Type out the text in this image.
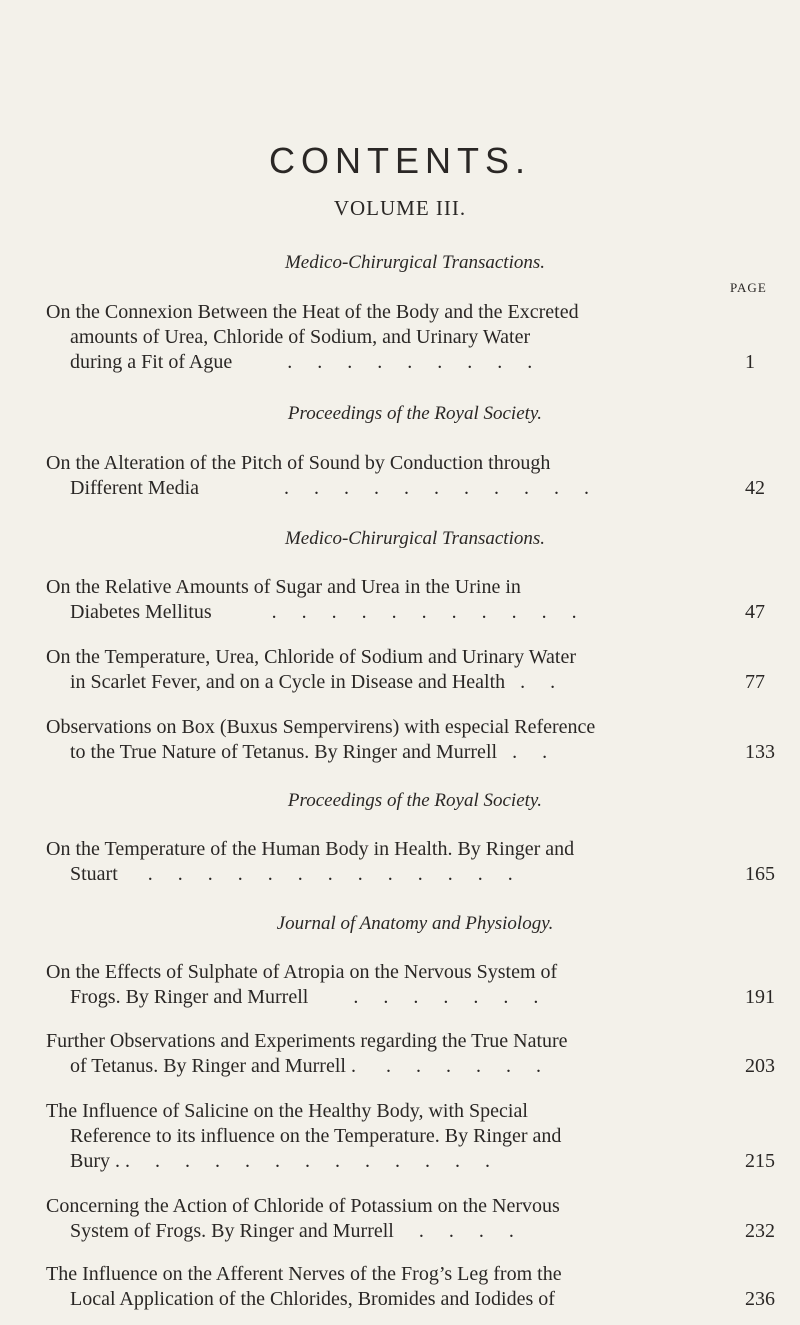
CONTENTS.
VOLUME III.
PAGE
Medico-Chirurgical Transactions.
On the Connexion Between the Heat of the Body and the Excreted
amounts of Urea, Chloride of Sodium, and Urinary Water
during a Fit of Ague	. . . . . . . . .	1
Proceedings of the Royal Society.
On the Alteration of the Pitch of Sound by Conduction through
Different Media	. . . . . . . . . . .	42
Medico-Chirurgical Transactions.
On the Relative Amounts of Sugar and Urea in the Urine in
Diabetes Mellitus	. . . . . . . . . . .	47
On the Temperature, Urea, Chloride of Sodium and Urinary Water
in Scarlet Fever, and on a Cycle in Disease and Health . .	77
Observations on Box (Buxus Sempervirens) with especial Reference
to the True Nature of Tetanus. By Ringer and Murrell . .	133
Proceedings of the Royal Society.
On the Temperature of the Human Body in Health. By Ringer and
Stuart . . . . . . . . . . . . .	165
Journal of Anatomy and Physiology.
On the Effects of Sulphate of Atropia on the Nervous System of
Frogs. By Ringer and Murrell . . . . . . .	191
Further Observations and Experiments regarding the True Nature
of Tetanus. By Ringer and Murrell . . . . . . .	203
The Influence of Salicine on the Healthy Body, with Special
Reference to its influence on the Temperature. By Ringer and
Bury . . . . . . . . . . . . . .	215
Concerning the Action of Chloride of Potassium on the Nervous
System of Frogs. By Ringer and Murrell . . . .	232
The Influence on the Afferent Nerves of the Frog’s Leg from the
Local Application of the Chlorides, Bromides and Iodides of	236
